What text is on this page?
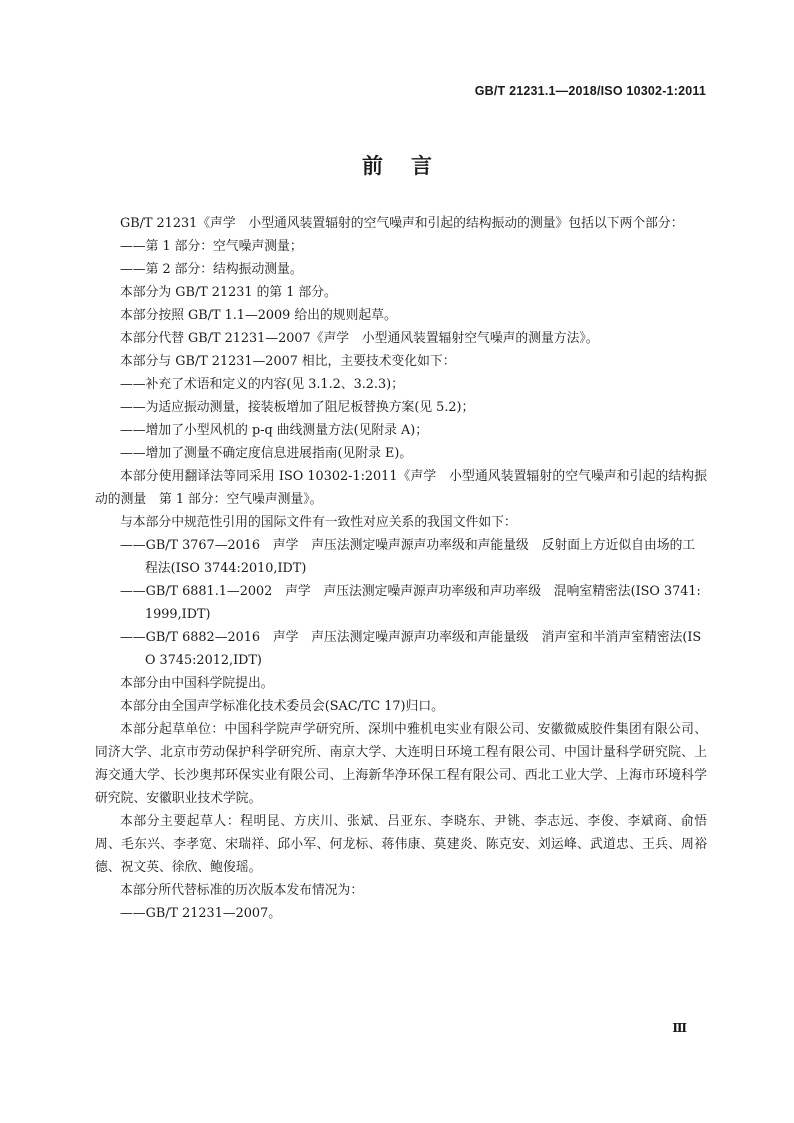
GB/T 21231.1—2018/ISO 10302-1:2011
前言

GB/T 21231《声学　小型通风装置辐射的空气噪声和引起的结构振动的测量》包括以下两个部分：

——第 1 部分：空气噪声测量；

——第 2 部分：结构振动测量。

本部分为 GB/T 21231 的第 1 部分。

本部分按照 GB/T 1.1—2009 给出的规则起草。

本部分代替 GB/T 21231—2007《声学　小型通风装置辐射空气噪声的测量方法》。

本部分与 GB/T 21231—2007 相比，主要技术变化如下：

——补充了术语和定义的内容(见 3.1.2、3.2.3)；

——为适应振动测量，接装板增加了阻尼板替换方案(见 5.2)；

——增加了小型风机的 p-q 曲线测量方法(见附录 A)；

——增加了测量不确定度信息进展指南(见附录 E)。

本部分使用翻译法等同采用 ISO 10302-1:2011《声学　小型通风装置辐射的空气噪声和引起的结构振动的测量　第 1 部分：空气噪声测量》。

与本部分中规范性引用的国际文件有一致性对应关系的我国文件如下：

——GB/T 3767—2016　声学　声压法测定噪声源声功率级和声能量级　反射面上方近似自由场的工程法(ISO 3744:2010,IDT)

——GB/T 6881.1—2002　声学　声压法测定噪声源声功率级和声功率级　混响室精密法(ISO 3741:1999,IDT)

——GB/T 6882—2016　声学　声压法测定噪声源声功率级和声能量级　消声室和半消声室精密法(ISO 3745:2012,IDT)

本部分由中国科学院提出。

本部分由全国声学标准化技术委员会(SAC/TC 17)归口。

本部分起草单位：中国科学院声学研究所、深圳中雅机电实业有限公司、安徽微威胶件集团有限公司、同济大学、北京市劳动保护科学研究所、南京大学、大连明日环境工程有限公司、中国计量科学研究院、上海交通大学、长沙奥邦环保实业有限公司、上海新华净环保工程有限公司、西北工业大学、上海市环境科学研究院、安徽职业技术学院。

本部分主要起草人：程明昆、方庆川、张斌、吕亚东、李晓东、尹铫、李志远、李俊、李斌商、俞悟周、毛东兴、李孝宽、宋瑞祥、邱小军、何龙标、蒋伟康、莫建炎、陈克安、刘运峰、武道忠、王兵、周裕德、祝文英、徐欣、鲍俊瑶。

本部分所代替标准的历次版本发布情况为：

——GB/T 21231—2007。

Ⅲ
